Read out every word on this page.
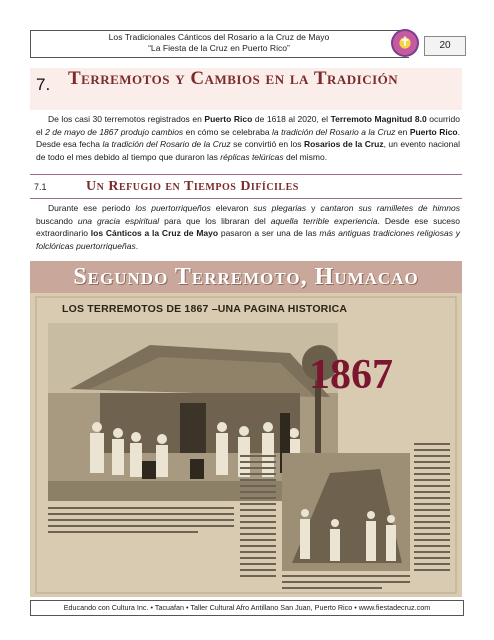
Los Tradicionales Cánticos del Rosario a la Cruz de Mayo
“La Fiesta de la Cruz en Puerto Rico”	✝	20
7. Terremotos y Cambios en la Tradición
De los casi 30 terremotos registrados en Puerto Rico de 1618 al 2020, el Terremoto Magnitud 8.0 ocurrido el 2 de mayo de 1867 produjo cambios en cómo se celebraba la tradición del Rosario a la Cruz en Puerto Rico. Desde esa fecha la tradición del Rosario de la Cruz se convirtió en los Rosarios de la Cruz, un evento nacional de todo el mes debido al tiempo que duraron las réplicas telúricas del mismo.
7.1	Un Refugio en Tiempos Difíciles
Durante ese periodo los puertorriqueños elevaron sus plegarias y cantaron sus ramilletes de himnos buscando una gracia espiritual para que los libraran del aquella terrible experiencia. Desde ese suceso extraordinario los Cánticos a la Cruz de Mayo pasaron a ser una de las más antiguas tradiciones religiosas y folclóricas puertorriqueñas.
Segundo Terremoto, Humacao
LOS TERREMOTOS DE 1867 –UNA PAGINA HISTORICA
1867
Educando con Cultura Inc. • Tacuafan • Taller Cultural Afro Antillano San Juan, Puerto Rico • www.fiestadecruz.com
